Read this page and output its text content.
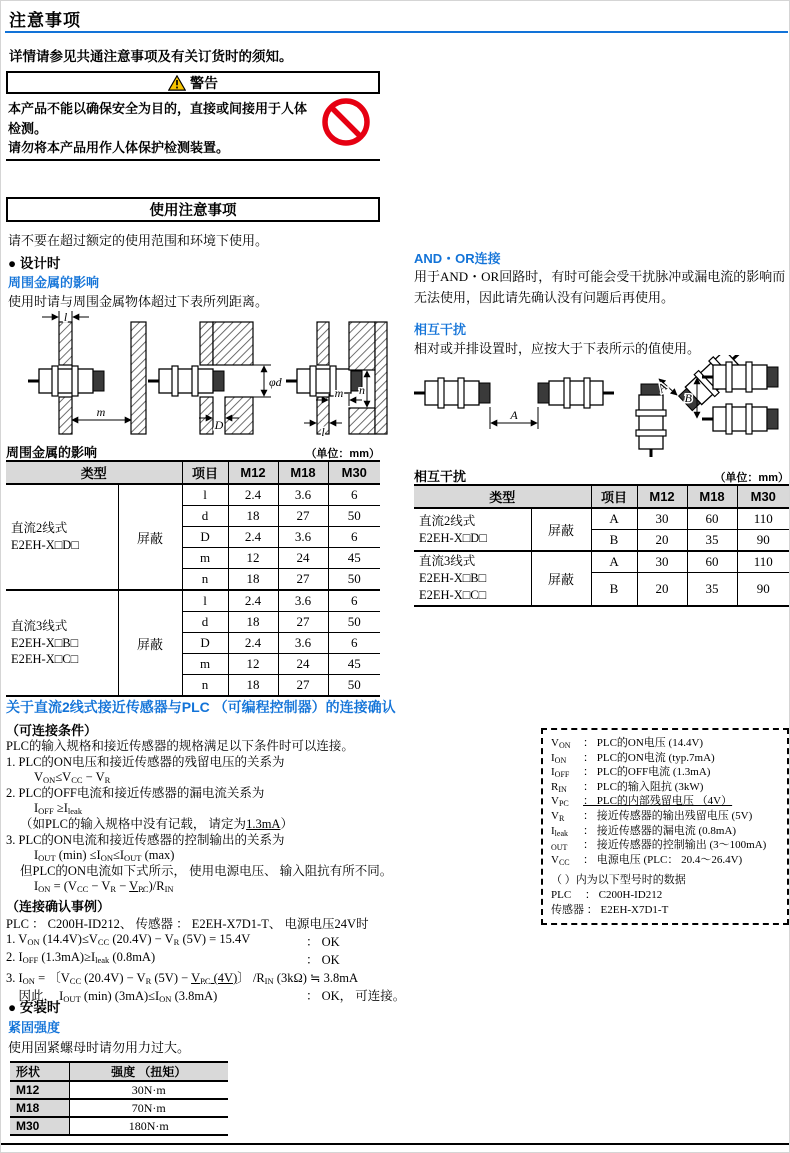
注意事项
详情请参见共通注意事项及有关订货时的须知。
警告
本产品不能以确保安全为目的，直接或间接用于人体检测。
请勿将本产品用作人体保护检测装置。
使用注意事项
请不要在超过额定的使用范围和环境下使用。
● 设计时
周围金属的影响
使用时请与周围金属物体超过下表所列距离。
l
m
D
φd
n
m
l
周围金属的影响	（单位：mm）
类型		项目	M12	M18	M30

直流2线式
E2EH-X□D□	屏蔽	l	2.4	3.6	6
		d	18	27	50
		D	2.4	3.6	6
		m	12	24	45
		n	18	27	50

直流3线式
E2EH-X□B□
E2EH-X□C□	屏蔽	l	2.4	3.6	6
		d	18	27	50
		D	2.4	3.6	6
		m	12	24	45
		n	18	27	50
AND・OR连接
用于AND・OR回路时，有时可能会受干扰脉冲或漏电流的影响而无法使用，因此请先确认没有问题后再使用。
相互干扰
相对或并排设置时，应按大于下表所示的值使用。
A
A
B
相互干扰	（单位：mm）
类型		项目	M12	M18	M30

直流2线式
E2EH-X□D□	屏蔽	A	30	60	110
		B	20	35	90

直流3线式
E2EH-X□B□
E2EH-X□C□	屏蔽	A	30	60	110
		B	20	35	90
关于直流2线式接近传感器与PLC （可编程控制器）的连接确认
（可连接条件）
PLC的输入规格和接近传感器的规格满足以下条件时可以连接。
1. PLC的ON电压和接近传感器的残留电压的关系为
$V_{ON}\le V_{CC} - V_R$
2. PLC的OFF电流和接近传感器的漏电流关系为
$I_{OFF} \ge I_{leak}$
（如PLC的输入规格中没有记载， 请定为1.3mA）
3. PLC的ON电流和接近传感器的控制输出的关系为
$I_{OUT}$ $(\min) \le I_{ON}\le I_{OUT}$ (max)
但PLC的ON电流如下式所示， 使用电源电压、 输入阻抗有所不同。
$I_{ON} = (V_{CC} - V_R - V_{PC})/R_{IN}$
（连接确认事例）
PLC ： C200H-ID212、 传感器 ： E2EH-X7D1-T、 电源电压24V时
1. $V_{ON}$ $(14.4V)\le V_{CC}$ $(20.4V) - V_R$ (5V) = 15.4V	： OK
2. $I_{OFF}$ $(1.3mA)\ge I_{leak}$ (0.8mA)	： OK
3. $I_{ON}$ = 〔$V_{CC}$ $(20.4V) - V_R$ $(5V) - V_{PC}$ (4V)〕 $/R_{IN}$ (3kΩ) ≒ 3.8mA
　因此， $I_{OUT}$ (min) $(3mA)\le I_{ON}$ (3.8mA)	： OK， 可连接。
$V_{ON}$ ： PLC的ON电压 (14.4V)
$I_{ON}$ ： PLC的ON电流 (typ.7mA)
$I_{OFF}$ ： PLC的OFF电流 (1.3mA)
$R_{IN}$ ： PLC的输入阻抗 (3kW)
$V_{PC}$ ： PLC的内部残留电压 （4V）
$V_R$ ： 接近传感器的输出残留电压 (5V)
$I_{leak}$ ： 接近传感器的漏电流 (0.8mA)
$_{OUT}$ ： 接近传感器的控制输出 (3～100mA)
$V_{CC}$ ： 电源电压 (PLC： 20.4～26.4V)
（ ）内为以下型号时的数据
PLC　 ： C200H-ID212
传感器 ： E2EH-X7D1-T
● 安装时
紧固强度
使用固紧螺母时请勿用力过大。
形状	强度 （扭矩）
M12	30N·m
M18	70N·m
M30	180N·m
